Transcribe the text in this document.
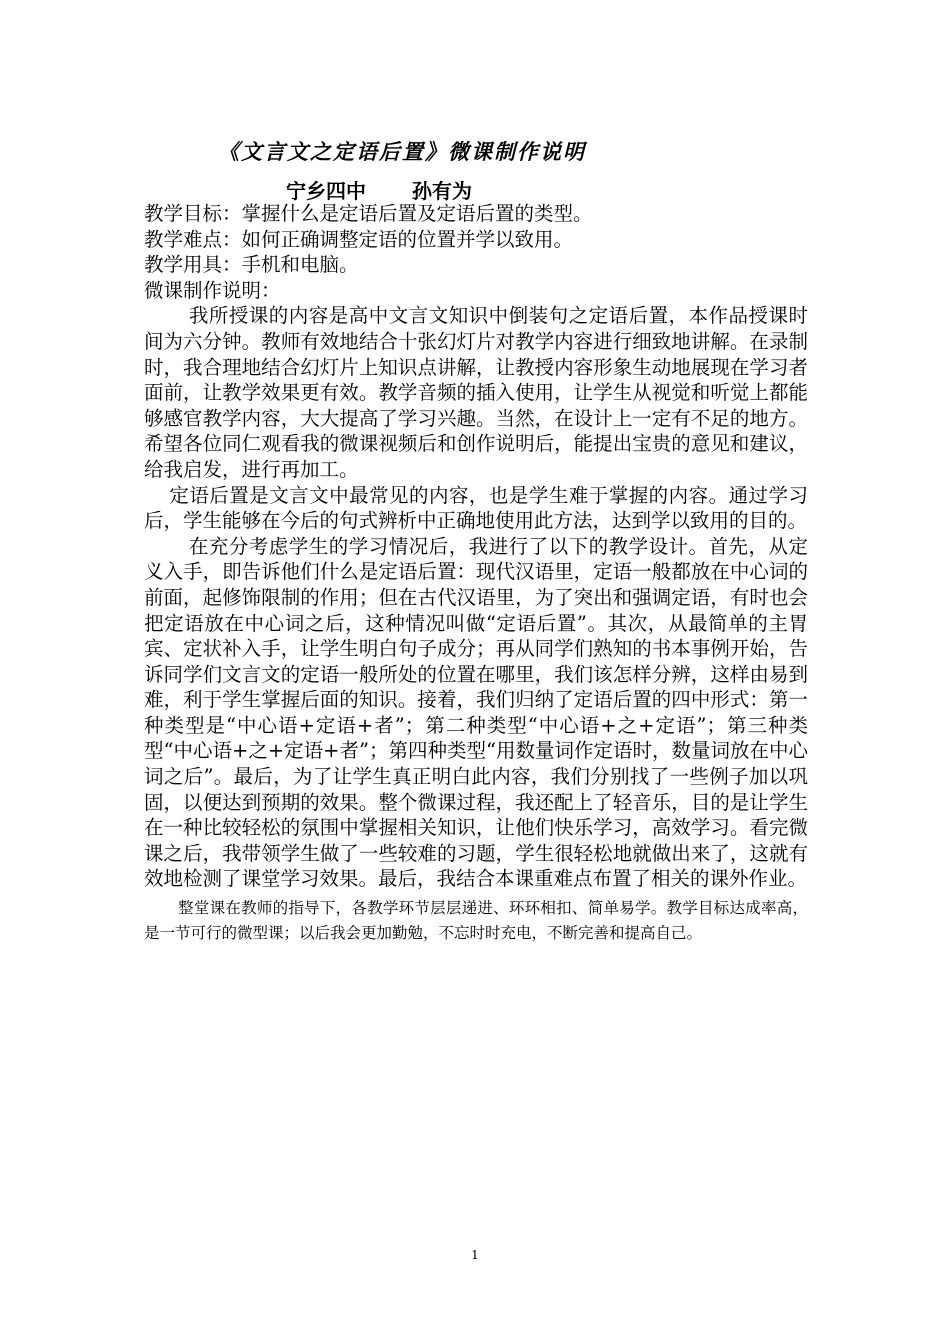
《文言文之定语后置》微课制作说明
宁乡四中 孙有为

教学目标：掌握什么是定语后置及定语后置的类型。

教学难点：如何正确调整定语的位置并学以致用。

教学用具：手机和电脑。

微课制作说明：

我所授课的内容是高中文言文知识中倒装句之定语后置，本作品授课时间为六分钟。教师有效地结合十张幻灯片对教学内容进行细致地讲解。在录制时，我合理地结合幻灯片上知识点讲解，让教授内容形象生动地展现在学习者面前，让教学效果更有效。教学音频的插入使用，让学生从视觉和听觉上都能够感官教学内容，大大提高了学习兴趣。当然，在设计上一定有不足的地方。希望各位同仁观看我的微课视频后和创作说明后，能提出宝贵的意见和建议，给我启发，进行再加工。

定语后置是文言文中最常见的内容，也是学生难于掌握的内容。通过学习后，学生能够在今后的句式辨析中正确地使用此方法，达到学以致用的目的。

在充分考虑学生的学习情况后，我进行了以下的教学设计。首先，从定义入手，即告诉他们什么是定语后置：现代汉语里，定语一般都放在中心词的前面，起修饰限制的作用；但在古代汉语里，为了突出和强调定语，有时也会把定语放在中心词之后，这种情况叫做“定语后置”。其次，从最简单的主胃宾、定状补入手，让学生明白句子成分；再从同学们熟知的书本事例开始，告诉同学们文言文的定语一般所处的位置在哪里，我们该怎样分辨，这样由易到难，利于学生掌握后面的知识。接着，我们归纳了定语后置的四中形式：第一种类型是“中心语+定语+者”；第二种类型“中心语+之+定语”；第三种类型“中心语+之+定语+者”；第四种类型“用数量词作定语时，数量词放在中心词之后”。最后，为了让学生真正明白此内容，我们分别找了一些例子加以巩固，以便达到预期的效果。整个微课过程，我还配上了轻音乐，目的是让学生在一种比较轻松的氛围中掌握相关知识，让他们快乐学习，高效学习。看完微课之后，我带领学生做了一些较难的习题，学生很轻松地就做出来了，这就有效地检测了课堂学习效果。最后，我结合本课重难点布置了相关的课外作业。

整堂课在教师的指导下，各教学环节层层递进、环环相扣、简单易学。教学目标达成率高，是一节可行的微型课；以后我会更加勤勉，不忘时时充电，不断完善和提高自己。

1
